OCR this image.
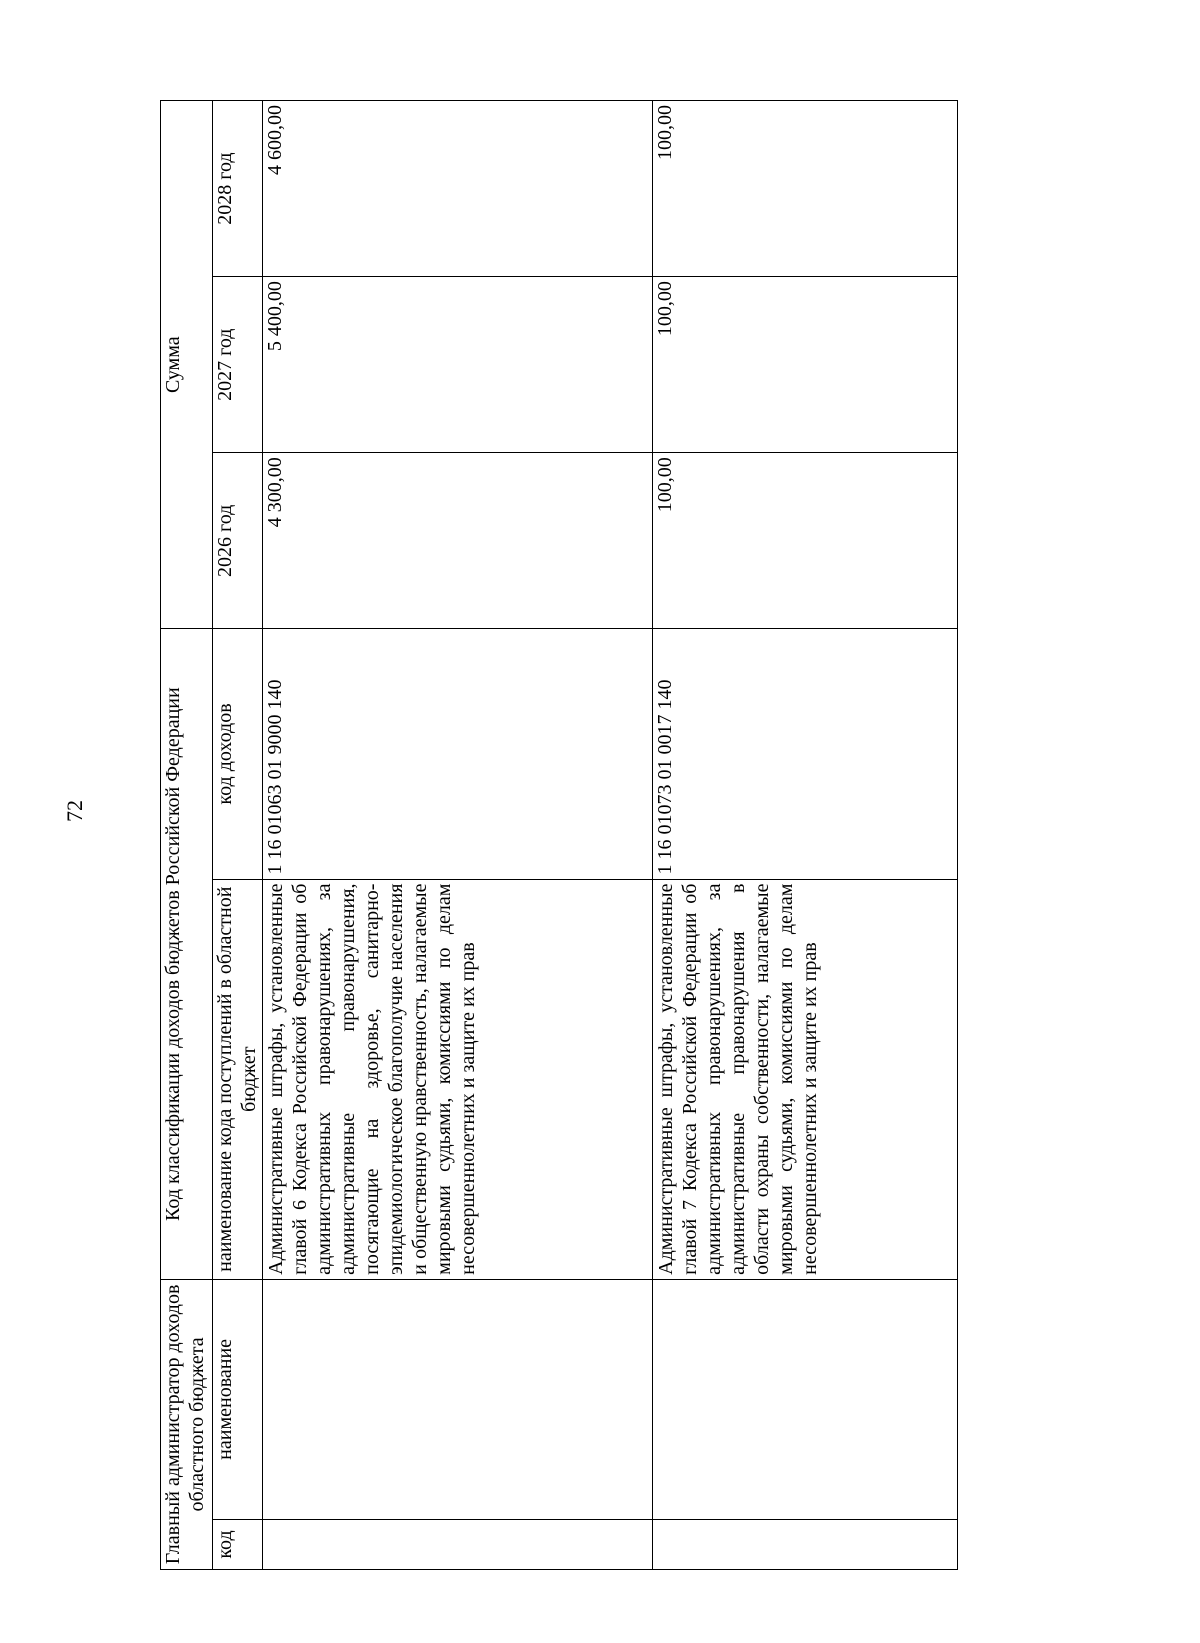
72
Главный администратор доходов областного бюджета		Код классификации доходов бюджетов Российской Федерации		Сумма		
код	наименование	наименование кода поступлений в областной бюджет	код доходов	2026 год	2027 год	2028 год
		Административные штрафы, установленные главой 6 Кодекса Российской Федерации об административных правонарушениях, за административные правонарушения, посягающие на здоровье, санитарно-эпидемиологическое благополучие населения и общественную нравственность, налагаемые мировыми судьями, комиссиями по делам несовершеннолетних и защите их прав	1 16 01063 01 9000 140	4 300,00	5 400,00	4 600,00
		Административные штрафы, установленные главой 7 Кодекса Российской Федерации об административных правонарушениях, за административные правонарушения в области охраны собственности, налагаемые мировыми судьями, комиссиями по делам несовершеннолетних и защите их прав	1 16 01073 01 0017 140	100,00	100,00	100,00
